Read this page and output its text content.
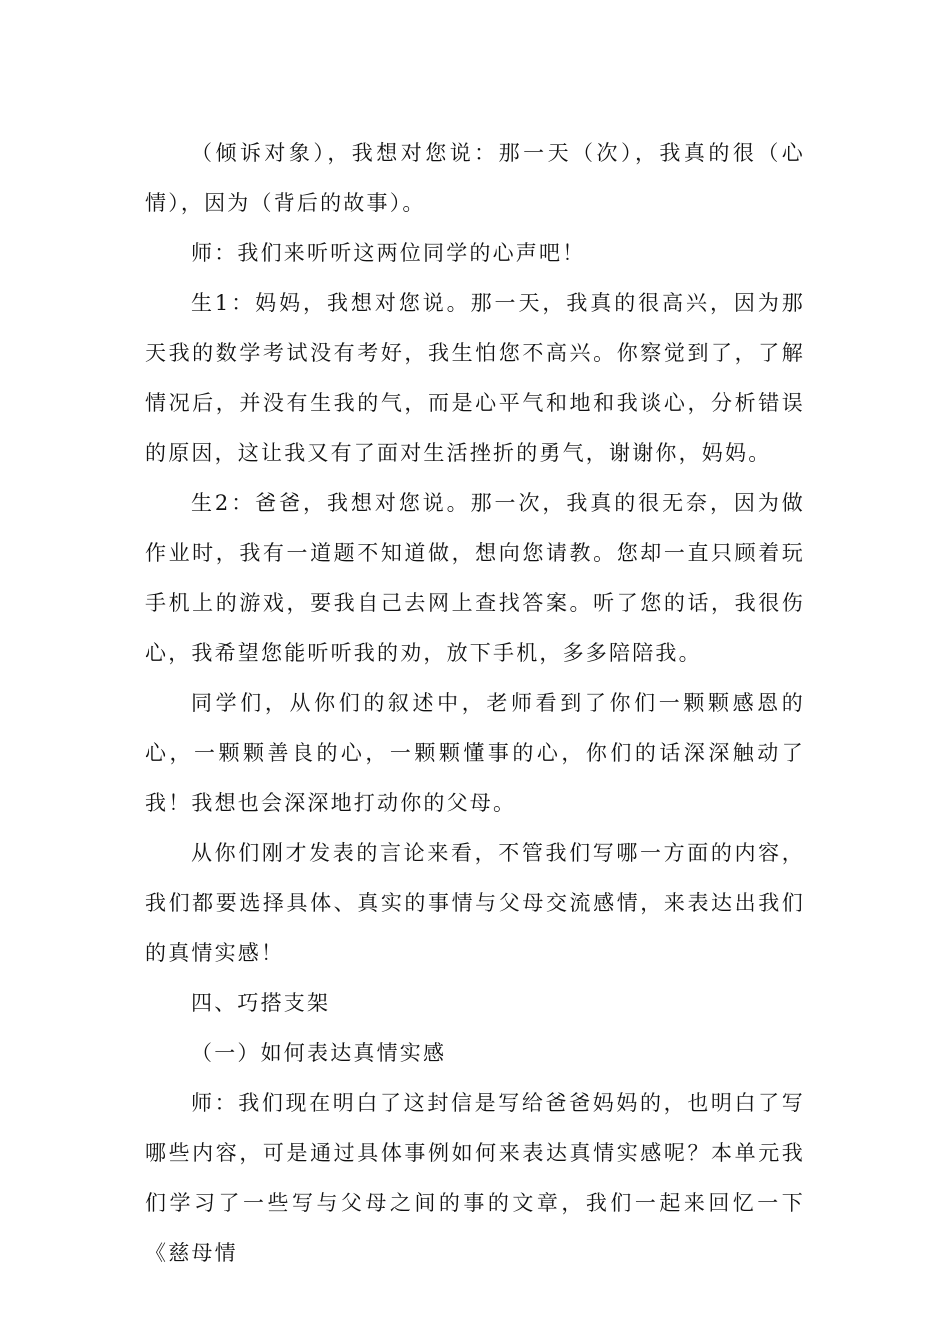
（倾诉对象），我想对您说：那一天（次），我真的很（心情），因为（背后的故事）。

师：我们来听听这两位同学的心声吧！

生1：妈妈，我想对您说。那一天，我真的很高兴，因为那天我的数学考试没有考好，我生怕您不高兴。你察觉到了，了解情况后，并没有生我的气，而是心平气和地和我谈心，分析错误的原因，这让我又有了面对生活挫折的勇气，谢谢你，妈妈。

生2：爸爸，我想对您说。那一次，我真的很无奈，因为做作业时，我有一道题不知道做，想向您请教。您却一直只顾着玩手机上的游戏，要我自己去网上查找答案。听了您的话，我很伤心，我希望您能听听我的劝，放下手机，多多陪陪我。

同学们，从你们的叙述中，老师看到了你们一颗颗感恩的心，一颗颗善良的心，一颗颗懂事的心，你们的话深深触动了我！我想也会深深地打动你的父母。

从你们刚才发表的言论来看，不管我们写哪一方面的内容，我们都要选择具体、真实的事情与父母交流感情，来表达出我们的真情实感！

四、巧搭支架

（一）如何表达真情实感

师：我们现在明白了这封信是写给爸爸妈妈的，也明白了写哪些内容，可是通过具体事例如何来表达真情实感呢？本单元我们学习了一些写与父母之间的事的文章，我们一起来回忆一下《慈母情
